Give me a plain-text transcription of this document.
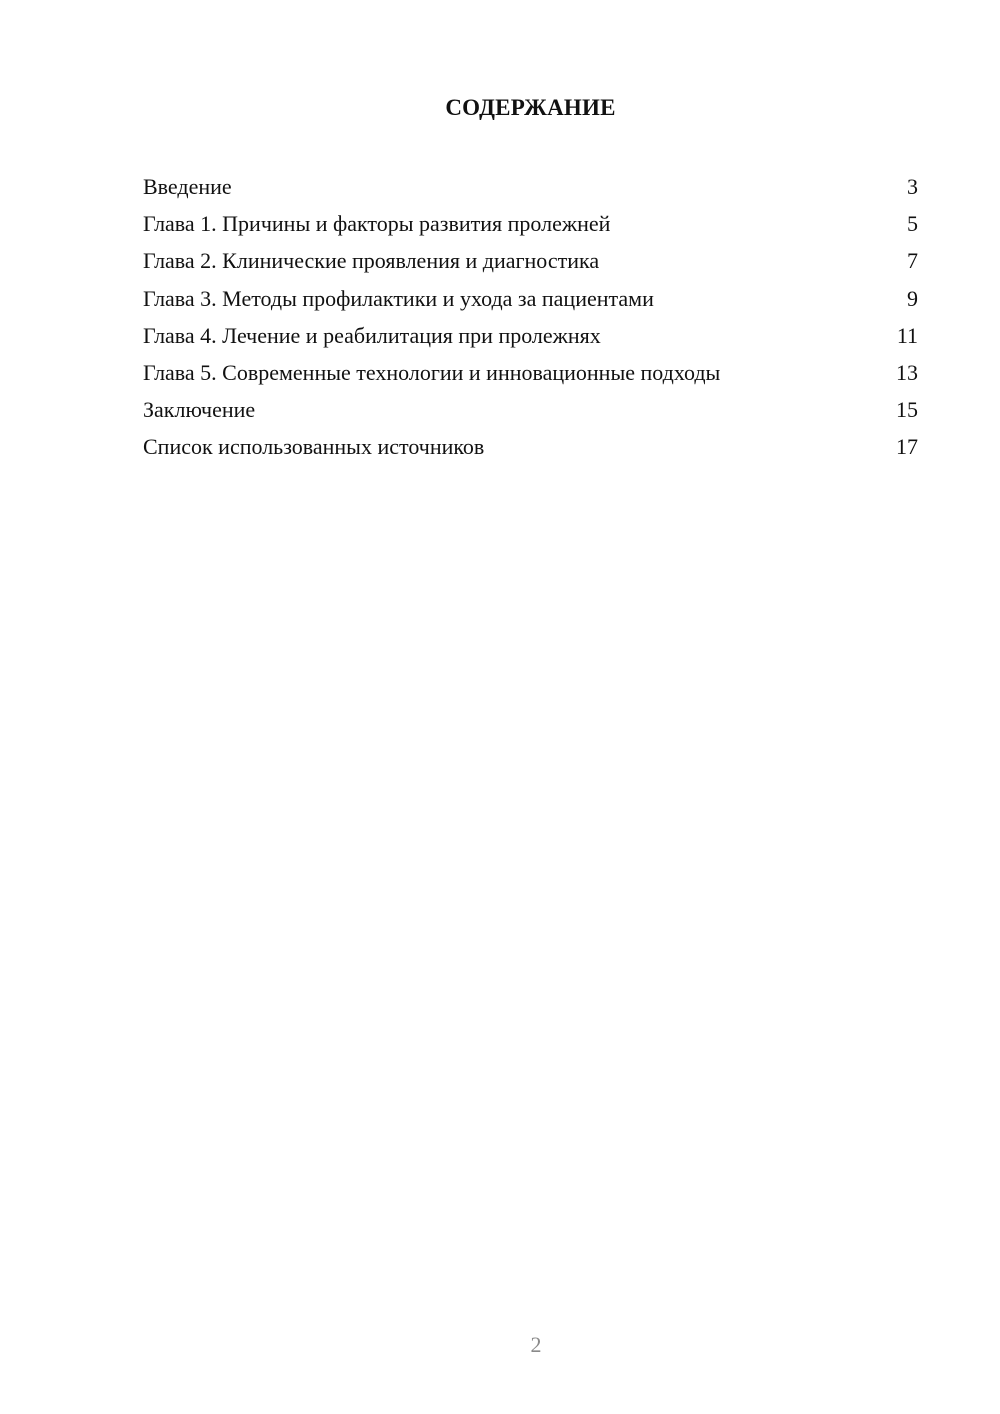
СОДЕРЖАНИЕ
Введение	3
Глава 1. Причины и факторы развития пролежней	5
Глава 2. Клинические проявления и диагностика	7
Глава 3. Методы профилактики и ухода за пациентами	9
Глава 4. Лечение и реабилитация при пролежнях	11
Глава 5. Современные технологии и инновационные подходы	13
Заключение	15
Список использованных источников	17
2
